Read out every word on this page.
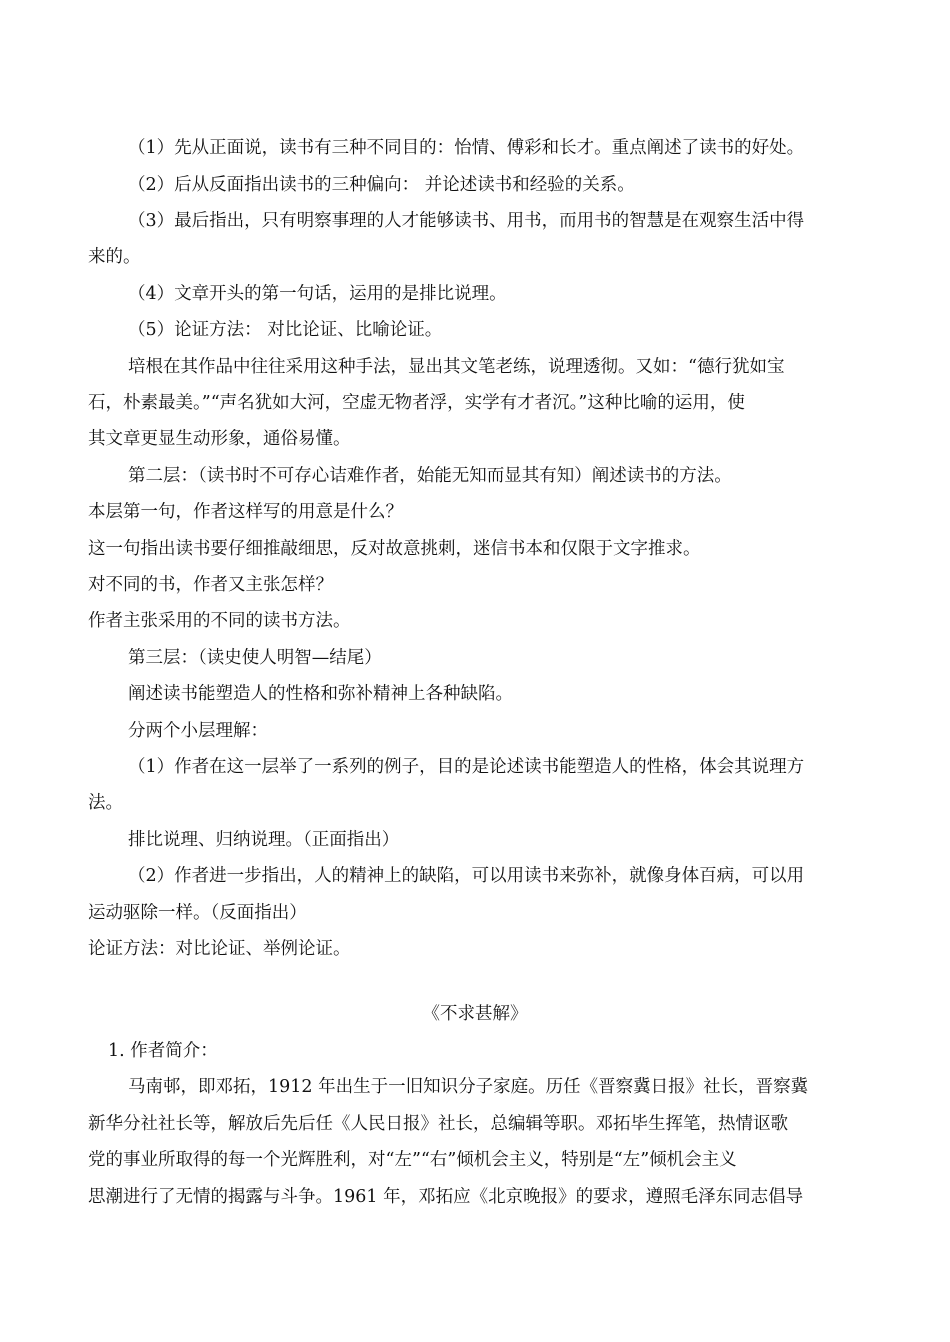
（1）先从正面说，读书有三种不同目的：怡情、傅彩和长才。重点阐述了读书的好处。
（2）后从反面指出读书的三种偏向： 并论述读书和经验的关系。
（3）最后指出，只有明察事理的人才能够读书、用书，而用书的智慧是在观察生活中得
来的。
（4）文章开头的第一句话，运用的是排比说理。
（5）论证方法： 对比论证、比喻论证。
培根在其作品中往往采用这种手法，显出其文笔老练，说理透彻。又如：“德行犹如宝
石，朴素最美。”“声名犹如大河，空虚无物者浮，实学有才者沉。”这种比喻的运用，使
其文章更显生动形象，通俗易懂。
第二层：（读书时不可存心诘难作者，始能无知而显其有知）阐述读书的方法。
本层第一句，作者这样写的用意是什么？
这一句指出读书要仔细推敲细思，反对故意挑刺，迷信书本和仅限于文字推求。
对不同的书，作者又主张怎样？
作者主张采用的不同的读书方法。
第三层：（读史使人明智—结尾）
阐述读书能塑造人的性格和弥补精神上各种缺陷。
分两个小层理解：
（1）作者在这一层举了一系列的例子，目的是论述读书能塑造人的性格，体会其说理方
法。
排比说理、归纳说理。（正面指出）
（2）作者进一步指出，人的精神上的缺陷，可以用读书来弥补，就像身体百病，可以用
运动驱除一样。（反面指出）
论证方法：对比论证、举例论证。
《不求甚解》
1. 作者简介：
马南邨，即邓拓，1912 年出生于一旧知识分子家庭。历任《晋察冀日报》社长，晋察冀
新华分社社长等，解放后先后任《人民日报》社长，总编辑等职。邓拓毕生挥笔，热情讴歌
党的事业所取得的每一个光辉胜利，对“左”“右”倾机会主义，特别是“左”倾机会主义
思潮进行了无情的揭露与斗争。1961 年，邓拓应《北京晚报》的要求，遵照毛泽东同志倡导
